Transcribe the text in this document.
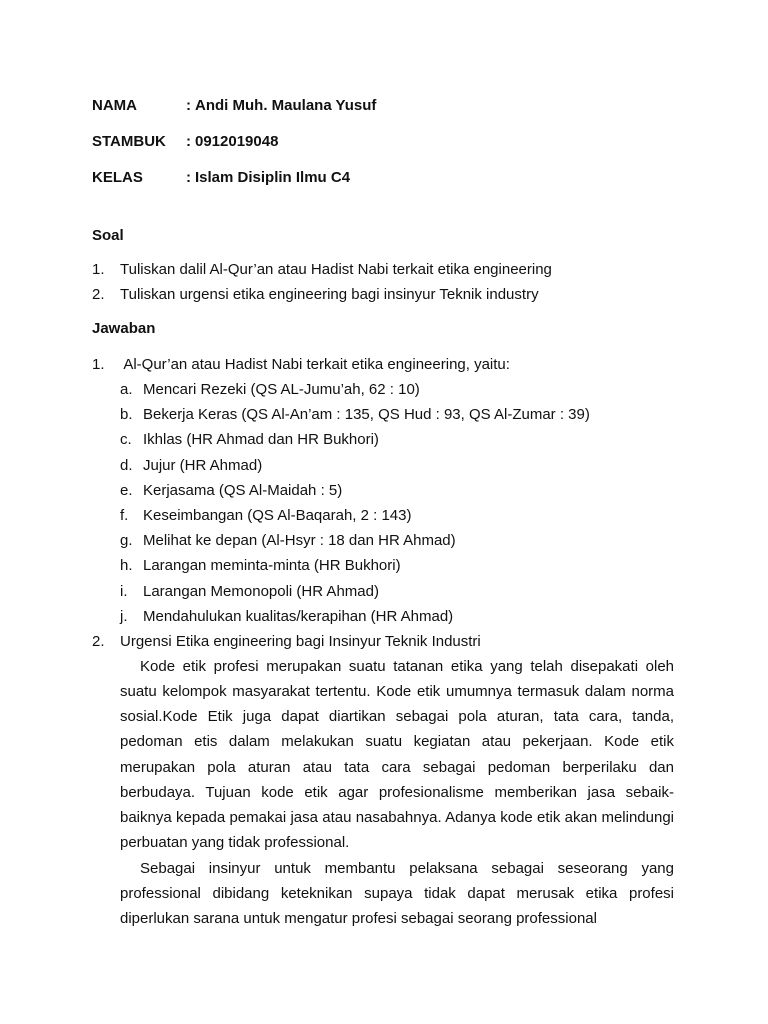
NAMA	: Andi Muh. Maulana Yusuf
STAMBUK	: 0912019048
KELAS	: Islam Disiplin Ilmu C4
Soal
1.	Tuliskan dalil Al-Qur’an atau Hadist Nabi terkait etika engineering
2.	Tuliskan urgensi etika engineering bagi insinyur Teknik industry
Jawaban
1.	Al-Qur’an atau Hadist Nabi terkait etika engineering, yaitu:
a. Mencari Rezeki (QS AL-Jumu’ah, 62 : 10)
b. Bekerja Keras (QS Al-An’am : 135, QS Hud : 93, QS Al-Zumar : 39)
c. Ikhlas (HR Ahmad dan HR Bukhori)
d. Jujur (HR Ahmad)
e. Kerjasama (QS Al-Maidah : 5)
f. Keseimbangan (QS Al-Baqarah, 2 : 143)
g. Melihat ke depan (Al-Hsyr : 18 dan HR Ahmad)
h. Larangan meminta-minta (HR Bukhori)
i.	Larangan Memonopoli (HR Ahmad)
j.	Mendahulukan kualitas/kerapihan (HR Ahmad)
2.	Urgensi Etika engineering bagi Insinyur Teknik Industri

Kode etik profesi merupakan suatu tatanan etika yang telah disepakati oleh suatu kelompok masyarakat tertentu. Kode etik umumnya termasuk dalam norma sosial.Kode Etik juga dapat diartikan sebagai pola aturan, tata cara, tanda, pedoman etis dalam melakukan suatu kegiatan atau pekerjaan. Kode etik merupakan pola aturan atau tata cara sebagai pedoman berperilaku dan berbudaya. Tujuan kode etik agar profesionalisme memberikan jasa sebaik-baiknya kepada pemakai jasa atau nasabahnya. Adanya kode etik akan melindungi perbuatan yang tidak professional.

Sebagai insinyur untuk membantu pelaksana sebagai seseorang yang professional dibidang keteknikan supaya tidak dapat merusak etika profesi diperlukan sarana untuk mengatur profesi sebagai seorang professional
